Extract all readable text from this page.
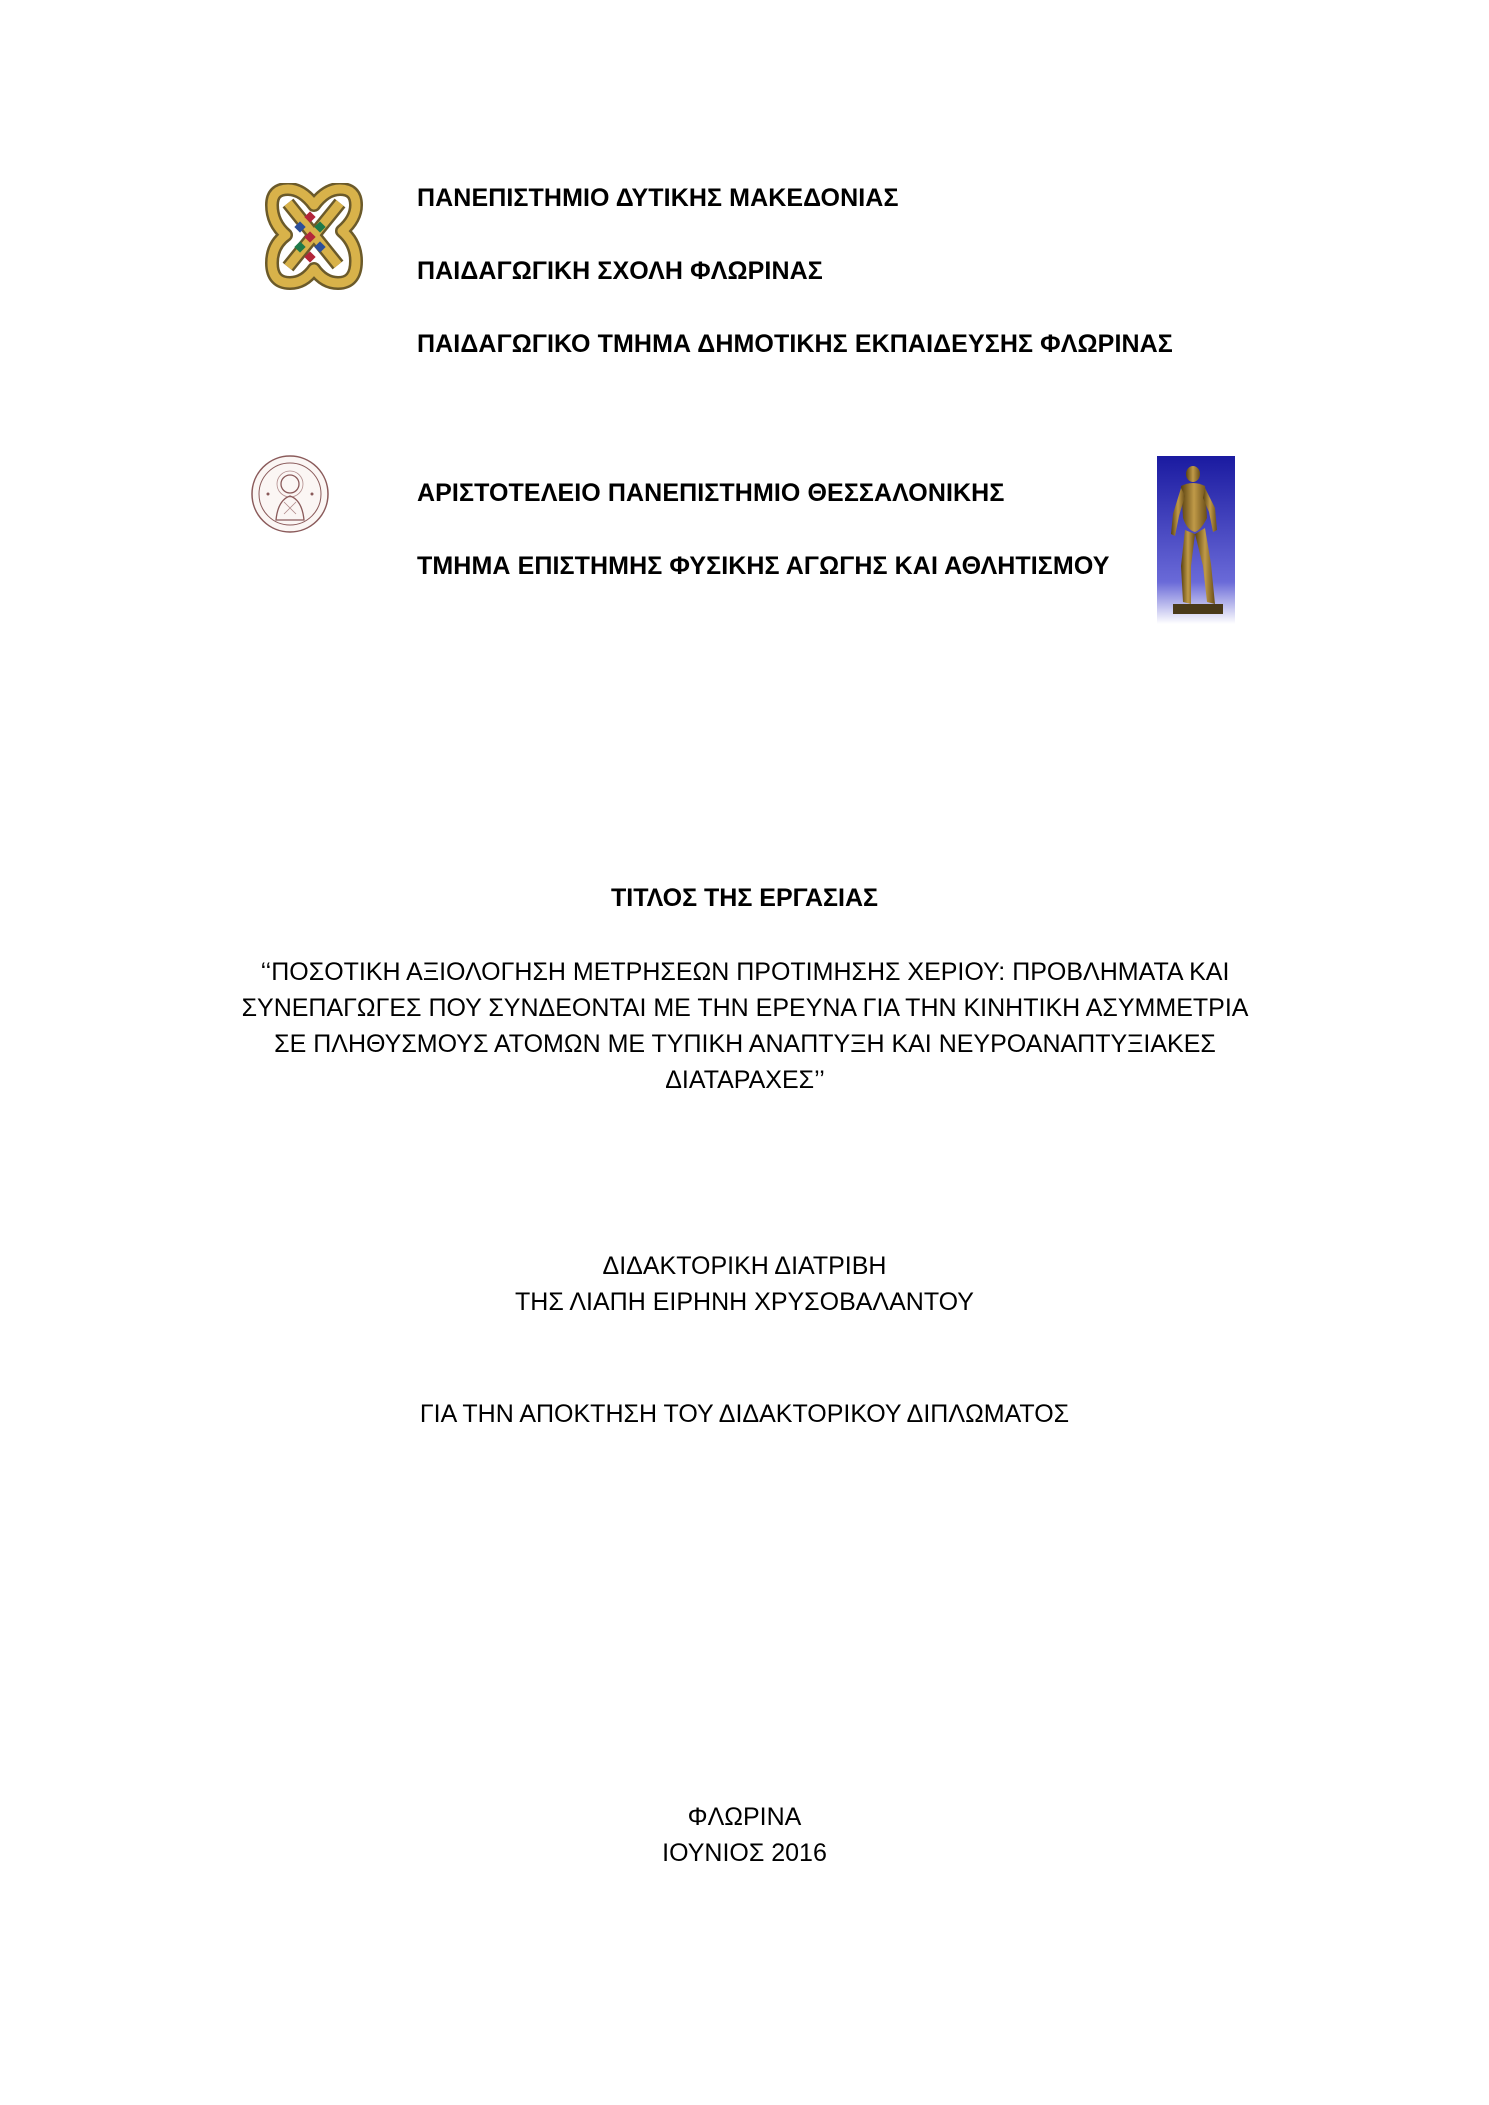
ΠΑΝΕΠΙΣΤΗΜΙΟ ΔΥΤΙΚΗΣ ΜΑΚΕΔΟΝΙΑΣ
ΠΑΙΔΑΓΩΓΙΚΗ ΣΧΟΛΗ ΦΛΩΡΙΝΑΣ
ΠΑΙΔΑΓΩΓΙΚΟ ΤΜΗΜΑ ΔΗΜΟΤΙΚΗΣ ΕΚΠΑΙΔΕΥΣΗΣ ΦΛΩΡΙΝΑΣ
ΑΡΙΣΤΟΤΕΛΕΙΟ ΠΑΝΕΠΙΣΤΗΜΙΟ ΘΕΣΣΑΛΟΝΙΚΗΣ
ΤΜΗΜΑ ΕΠΙΣΤΗΜΗΣ ΦΥΣΙΚΗΣ ΑΓΩΓΗΣ ΚΑΙ ΑΘΛΗΤΙΣΜΟΥ
ΤΙΤΛΟΣ ΤΗΣ ΕΡΓΑΣΙΑΣ
‘‘ΠΟΣΟΤΙΚΗ ΑΞΙΟΛΟΓΗΣΗ ΜΕΤΡΗΣΕΩΝ ΠΡΟΤΙΜΗΣΗΣ ΧΕΡΙΟΥ: ΠΡΟΒΛΗΜΑΤΑ ΚΑΙ
ΣΥΝΕΠΑΓΩΓΕΣ ΠΟΥ ΣΥΝΔΕΟΝΤΑΙ ΜΕ ΤΗΝ ΕΡΕΥΝΑ ΓΙΑ ΤΗΝ ΚΙΝΗΤΙΚΗ ΑΣΥΜΜΕΤΡΙΑ
ΣΕ ΠΛΗΘΥΣΜΟΥΣ ΑΤΟΜΩΝ ΜΕ ΤΥΠΙΚΗ ΑΝΑΠΤΥΞΗ ΚΑΙ ΝΕΥΡΟΑΝΑΠΤΥΞΙΑΚΕΣ
ΔΙΑΤΑΡΑΧΕΣ’’
ΔΙΔΑΚΤΟΡΙΚΗ ΔΙΑΤΡΙΒΗ
ΤΗΣ ΛΙΑΠΗ ΕΙΡΗΝΗ ΧΡΥΣΟΒΑΛΑΝΤΟΥ
ΓΙΑ ΤΗΝ ΑΠΟΚΤΗΣΗ ΤΟΥ ΔΙΔΑΚΤΟΡΙΚΟΥ ΔΙΠΛΩΜΑΤΟΣ
ΦΛΩΡΙΝΑ
ΙΟΥΝΙΟΣ 2016
